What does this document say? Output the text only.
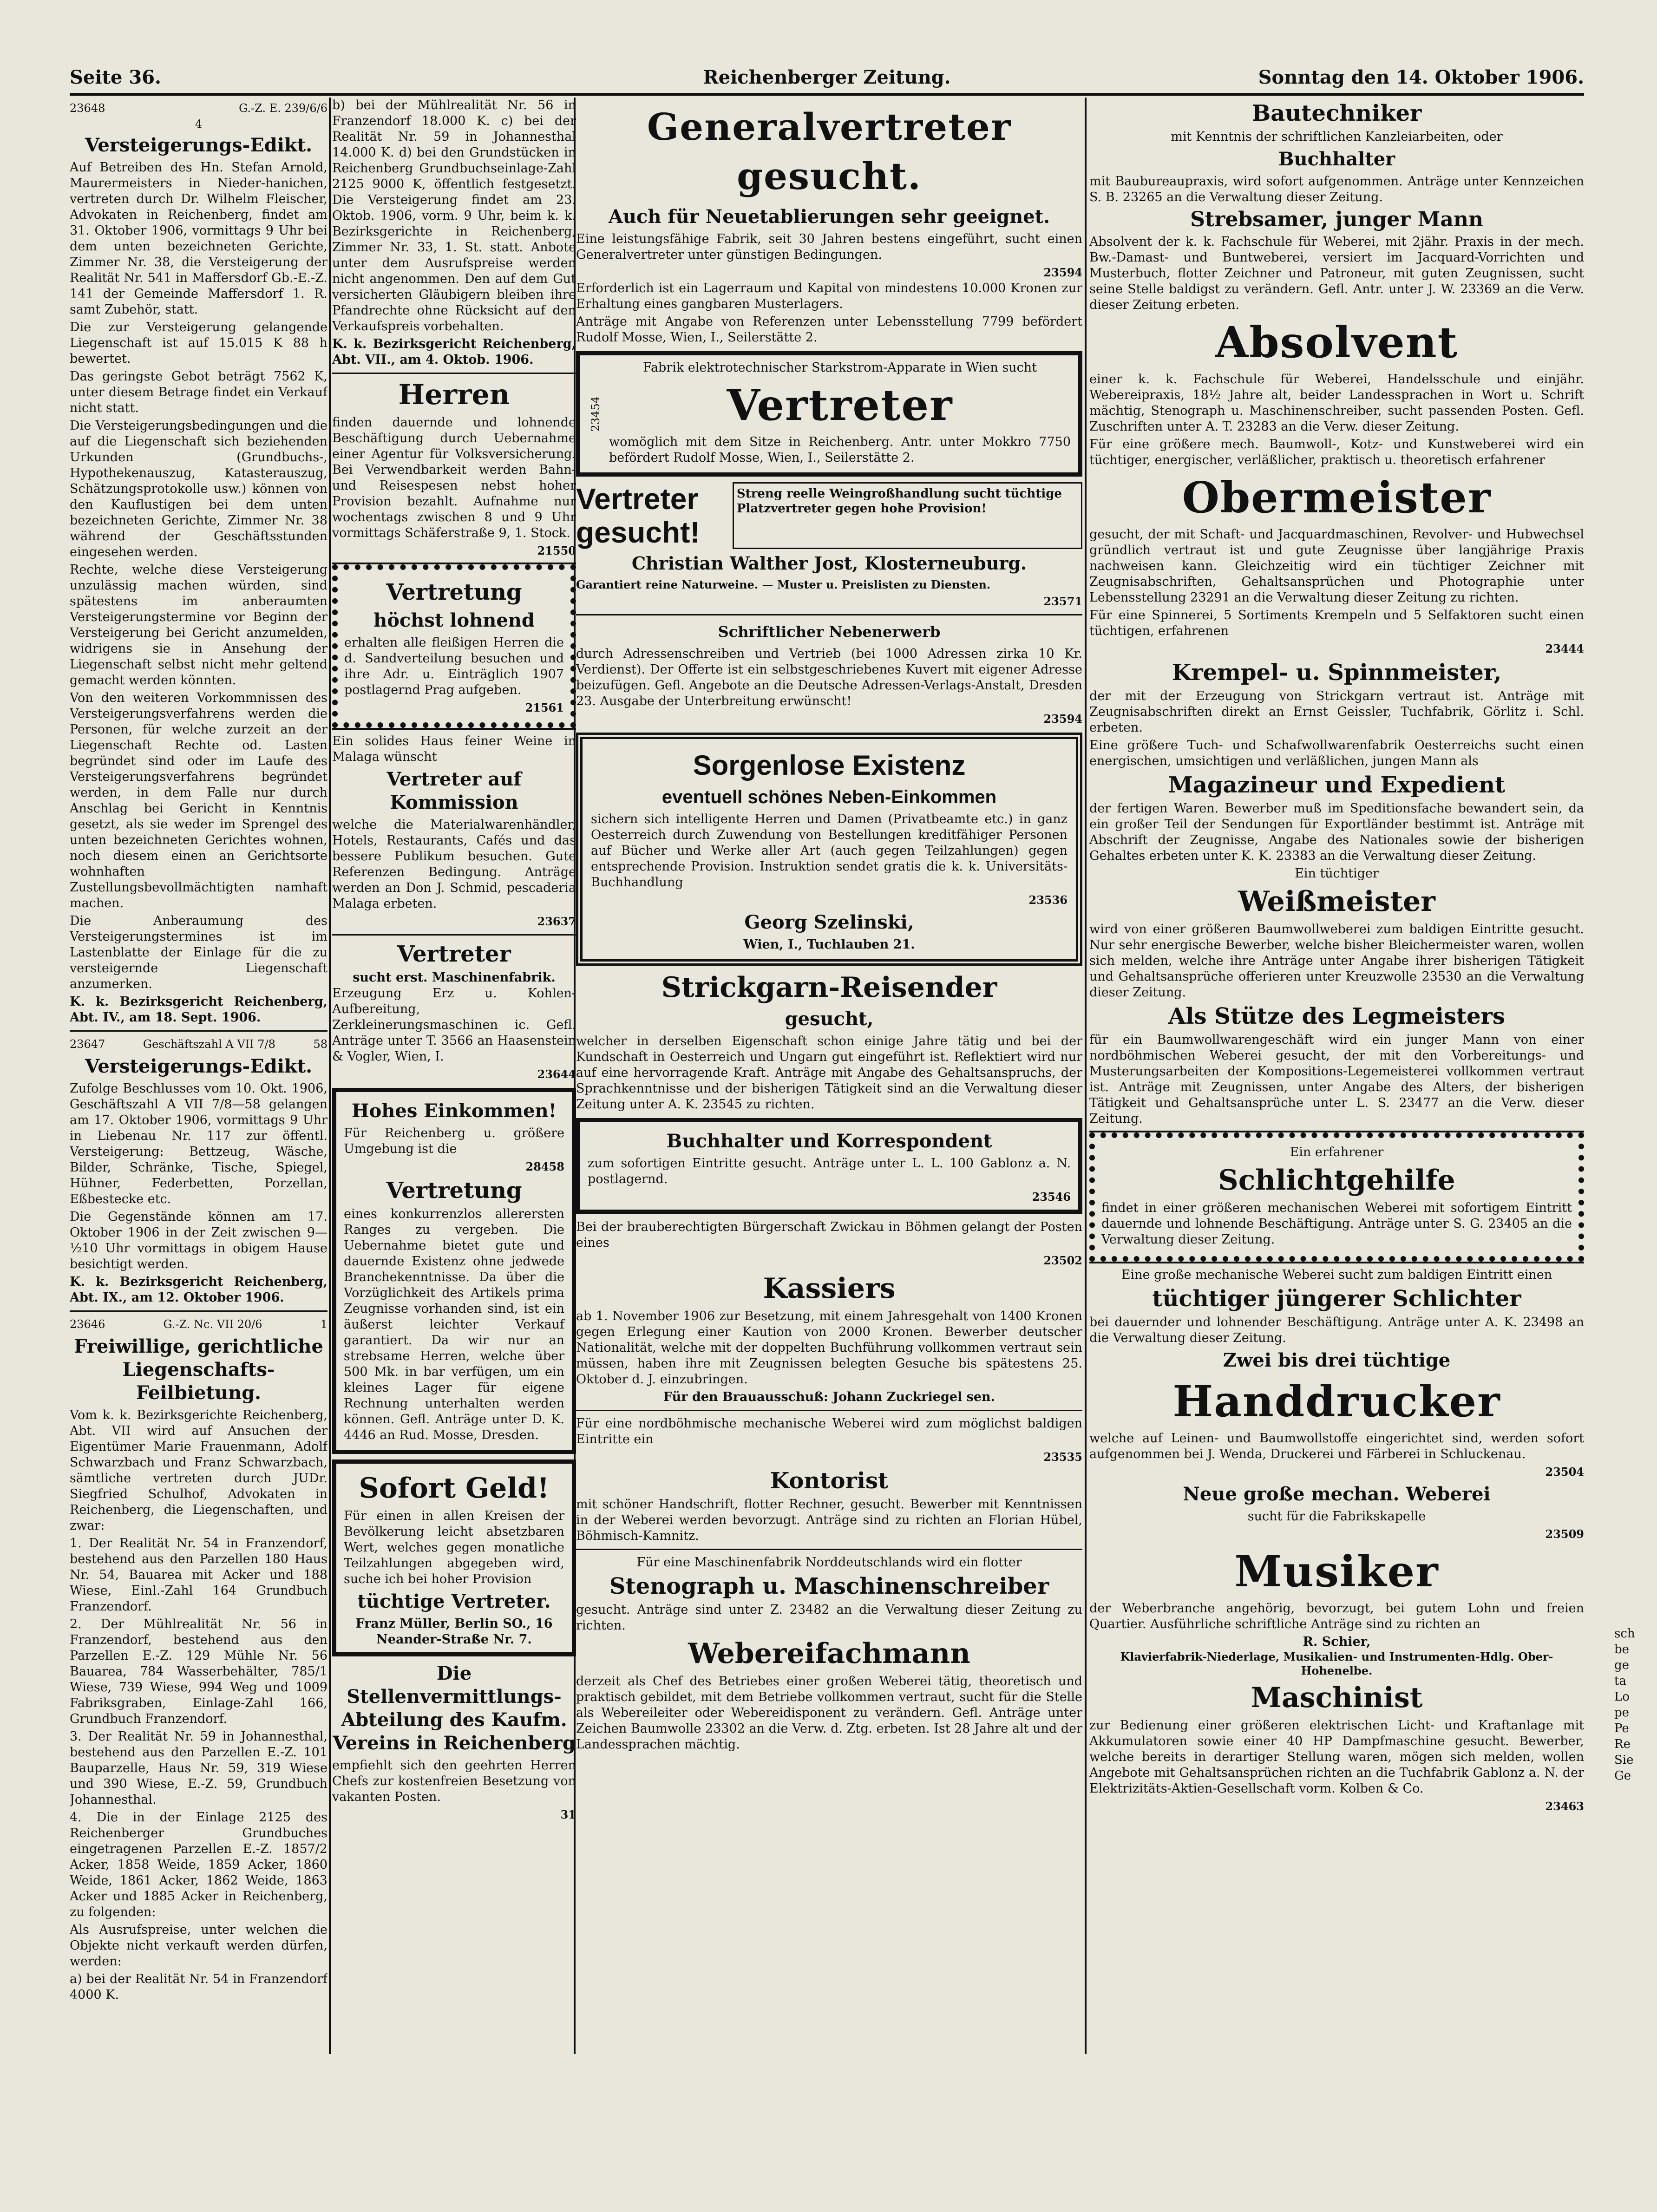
Seite 36.	Reichenberger Zeitung.	Sonntag den 14. Oktober 1906.
23648	G.-Z. E. 239/6/6
4
Versteigerungs-Edikt.

Auf Betreiben des Hn. Stefan Arnold, Maurermeisters in Nieder-hanichen, vertreten durch Dr. Wilhelm Fleischer, Advokaten in Reichenberg, findet am 31. Oktober 1906, vormittags 9 Uhr bei dem unten bezeichneten Gerichte, Zimmer Nr. 38, die Versteigerung der Realität Nr. 541 in Maffersdorf Gb.-E.-Z. 141 der Gemeinde Maffersdorf 1. R. samt Zubehör, statt.

Die zur Versteigerung gelangende Liegenschaft ist auf 15.015 K 88 h bewertet.

Das geringste Gebot beträgt 7562 K, unter diesem Betrage findet ein Verkauf nicht statt.

Die Versteigerungsbedingungen und die auf die Liegenschaft sich beziehenden Urkunden (Grundbuchs-, Hypothekenauszug, Katasterauszug, Schätzungsprotokolle usw.) können von den Kauflustigen bei dem unten bezeichneten Gerichte, Zimmer Nr. 38 während der Geschäftsstunden eingesehen werden.

Rechte, welche diese Versteigerung unzulässig machen würden, sind spätestens im anberaumten Versteigerungstermine vor Beginn der Versteigerung bei Gericht anzumelden, widrigens sie in Ansehung der Liegenschaft selbst nicht mehr geltend gemacht werden könnten.

Von den weiteren Vorkommnissen des Versteigerungsverfahrens werden die Personen, für welche zurzeit an der Liegenschaft Rechte od. Lasten begründet sind oder im Laufe des Versteigerungsverfahrens begründet werden, in dem Falle nur durch Anschlag bei Gericht in Kenntnis gesetzt, als sie weder im Sprengel des unten bezeichneten Gerichtes wohnen, noch diesem einen an Gerichtsorte wohnhaften Zustellungsbevollmächtigten namhaft machen.

Die Anberaumung des Versteigerungstermines ist im Lastenblatte der Einlage für die zu versteigernde Liegenschaft anzumerken.

K. k. Bezirksgericht Reichenberg, Abt. IV., am 18. Sept. 1906.

23647	Geschäftszahl A VII 7/8	58
Versteigerungs-Edikt.

Zufolge Beschlusses vom 10. Okt. 1906, Geschäftszahl A VII 7/8—58 gelangen am 17. Oktober 1906, vormittags 9 Uhr in Liebenau Nr. 117 zur öffentl. Versteigerung: Bettzeug, Wäsche, Bilder, Schränke, Tische, Spiegel, Hühner, Federbetten, Porzellan, Eßbestecke etc.

Die Gegenstände können am 17. Oktober 1906 in der Zeit zwischen 9—½10 Uhr vormittags in obigem Hause besichtigt werden.

K. k. Bezirksgericht Reichenberg, Abt. IX., am 12. Oktober 1906.

23646	G.-Z. Nc. VII 20/6	1
Freiwillige, gerichtliche Liegenschafts-Feilbietung.

Vom k. k. Bezirksgerichte Reichenberg, Abt. VII wird auf Ansuchen der Eigentümer Marie Frauenmann, Adolf Schwarzbach und Franz Schwarzbach, sämtliche vertreten durch JUDr. Siegfried Schulhof, Advokaten in Reichenberg, die Liegenschaften, und zwar:

1. Der Realität Nr. 54 in Franzendorf, bestehend aus den Parzellen 180 Haus Nr. 54, Bauarea mit Acker und 188 Wiese, Einl.-Zahl 164 Grundbuch Franzendorf.

2. Der Mühlrealität Nr. 56 in Franzendorf, bestehend aus den Parzellen E.-Z. 129 Mühle Nr. 56 Bauarea, 784 Wasserbehälter, 785/1 Wiese, 739 Wiese, 994 Weg und 1009 Fabriksgraben, Einlage-Zahl 166, Grundbuch Franzendorf.

3. Der Realität Nr. 59 in Johannesthal, bestehend aus den Parzellen E.-Z. 101 Bauparzelle, Haus Nr. 59, 319 Wiese und 390 Wiese, E.-Z. 59, Grundbuch Johannesthal.

4. Die in der Einlage 2125 des Reichenberger Grundbuches eingetragenen Parzellen E.-Z. 1857/2 Acker, 1858 Weide, 1859 Acker, 1860 Weide, 1861 Acker, 1862 Weide, 1863 Acker und 1885 Acker in Reichenberg, zu folgenden:

Als Ausrufspreise, unter welchen die Objekte nicht verkauft werden dürfen, werden:

a) bei der Realität Nr. 54 in Franzendorf 4000 K.

b) bei der Mühlrealität Nr. 56 in Franzendorf 18.000 K. c) bei der Realität Nr. 59 in Johannesthal 14.000 K. d) bei den Grundstücken in Reichenberg Grundbuchseinlage-Zahl 2125 9000 K, öffentlich festgesetzt. Die Versteigerung findet am 23. Oktob. 1906, vorm. 9 Uhr, beim k. k. Bezirksgerichte in Reichenberg, Zimmer Nr. 33, 1. St. statt. Anbote unter dem Ausrufspreise werden nicht angenommen. Den auf dem Gut versicherten Gläubigern bleiben ihre Pfandrechte ohne Rücksicht auf den Verkaufspreis vorbehalten.

K. k. Bezirksgericht Reichenberg, Abt. VII., am 4. Oktob. 1906.

Herren

finden dauernde und lohnende Beschäftigung durch Uebernahme einer Agentur für Volksversicherung. Bei Verwendbarkeit werden Bahn- und Reisespesen nebst hoher Provision bezahlt. Aufnahme nur wochentags zwischen 8 und 9 Uhr vormittags Schäferstraße 9, 1. Stock.

21550
Vertretung
höchst lohnend

erhalten alle fleißigen Herren die d. Sandverteilung besuchen und ihre Adr. u. Einträglich 1907 postlagernd Prag aufgeben.

21561

Ein solides Haus feiner Weine in Malaga wünscht

Vertreter auf Kommission

welche die Materialwarenhändler, Hotels, Restaurants, Cafés und das bessere Publikum besuchen. Gute Referenzen Bedingung. Anträge werden an Don J. Schmid, pescaderia Malaga erbeten.

23637
Vertreter
sucht erst. Maschinenfabrik.

Erzeugung Erz u. Kohlen-Aufbereitung, Zerkleinerungsmaschinen ic. Gefl. Anträge unter T. 3566 an Haasenstein & Vogler, Wien, I.

23644
Hohes Einkommen!

Für Reichenberg u. größere Umgebung ist die

28458
Vertretung

eines konkurrenzlos allerersten Ranges zu vergeben. Die Uebernahme bietet gute und dauernde Existenz ohne jedwede Branchekenntnisse. Da über die Vorzüglichkeit des Artikels prima Zeugnisse vorhanden sind, ist ein äußerst leichter Verkauf garantiert. Da wir nur an strebsame Herren, welche über 500 Mk. in bar verfügen, um ein kleines Lager für eigene Rechnung unterhalten werden können. Gefl. Anträge unter D. K. 4446 an Rud. Mosse, Dresden.

Sofort Geld!

Für einen in allen Kreisen der Bevölkerung leicht absetzbaren Wert, welches gegen monatliche Teilzahlungen abgegeben wird, suche ich bei hoher Provision

tüchtige Vertreter.
Franz Müller, Berlin SO., 16 Neander-Straße Nr. 7.
Die Stellenvermittlungs-Abteilung des Kaufm. Vereins in Reichenberg

empfiehlt sich den geehrten Herren Chefs zur kostenfreien Besetzung von vakanten Posten.

31
Generalvertreter gesucht.
Auch für Neuetablierungen sehr geeignet.

Eine leistungsfähige Fabrik, seit 30 Jahren bestens eingeführt, sucht einen Generalvertreter unter günstigen Bedingungen.

23594

Erforderlich ist ein Lagerraum und Kapital von mindestens 10.000 Kronen zur Erhaltung eines gangbaren Musterlagers.

Anträge mit Angabe von Referenzen unter Lebensstellung 7799 befördert Rudolf Mosse, Wien, I., Seilerstätte 2.

23454

Fabrik elektrotechnischer Starkstrom-Apparate in Wien sucht

Vertreter

womöglich mit dem Sitze in Reichenberg. Antr. unter Mokkro 7750 befördert Rudolf Mosse, Wien, I., Seilerstätte 2.

Vertreter gesucht!
Streng reelle Weingroßhandlung sucht tüchtige Platzvertreter gegen hohe Provision!
Christian Walther Jost, Klosterneuburg.

Garantiert reine Naturweine. — Muster u. Preislisten zu Diensten.

23571
Schriftlicher Nebenerwerb

durch Adressenschreiben und Vertrieb (bei 1000 Adressen zirka 10 Kr. Verdienst). Der Offerte ist ein selbstgeschriebenes Kuvert mit eigener Adresse beizufügen. Gefl. Angebote an die Deutsche Adressen-Verlags-Anstalt, Dresden 23. Ausgabe der Unterbreitung erwünscht!

23594
Sorgenlose Existenz
eventuell schönes Neben-Einkommen

sichern sich intelligente Herren und Damen (Privatbeamte etc.) in ganz Oesterreich durch Zuwendung von Bestellungen kreditfähiger Personen auf Bücher und Werke aller Art (auch gegen Teilzahlungen) gegen entsprechende Provision. Instruktion sendet gratis die k. k. Universitäts-Buchhandlung

23536
Georg Szelinski,
Wien, I., Tuchlauben 21.
Strickgarn-Reisender
gesucht,

welcher in derselben Eigenschaft schon einige Jahre tätig und bei der Kundschaft in Oesterreich und Ungarn gut eingeführt ist. Reflektiert wird nur auf eine hervorragende Kraft. Anträge mit Angabe des Gehaltsanspruchs, der Sprachkenntnisse und der bisherigen Tätigkeit sind an die Verwaltung dieser Zeitung unter A. K. 23545 zu richten.

Buchhalter und Korrespondent

zum sofortigen Eintritte gesucht. Anträge unter L. L. 100 Gablonz a. N. postlagernd.

23546

Bei der brauberechtigten Bürgerschaft Zwickau in Böhmen gelangt der Posten eines

23502
Kassiers

ab 1. November 1906 zur Besetzung, mit einem Jahresgehalt von 1400 Kronen gegen Erlegung einer Kaution von 2000 Kronen. Bewerber deutscher Nationalität, welche mit der doppelten Buchführung vollkommen vertraut sein müssen, haben ihre mit Zeugnissen belegten Gesuche bis spätestens 25. Oktober d. J. einzubringen.

Für den Brauausschuß: Johann Zuckriegel sen.

Für eine nordböhmische mechanische Weberei wird zum möglichst baldigen Eintritte ein

23535
Kontorist

mit schöner Handschrift, flotter Rechner, gesucht. Bewerber mit Kenntnissen in der Weberei werden bevorzugt. Anträge sind zu richten an Florian Hübel, Böhmisch-Kamnitz.

Für eine Maschinenfabrik Norddeutschlands wird ein flotter

Stenograph u. Maschinenschreiber

gesucht. Anträge sind unter Z. 23482 an die Verwaltung dieser Zeitung zu richten.

Webereifachmann

derzeit als Chef des Betriebes einer großen Weberei tätig, theoretisch und praktisch gebildet, mit dem Betriebe vollkommen vertraut, sucht für die Stelle als Webereileiter oder Webereidisponent zu verändern. Gefl. Anträge unter Zeichen Baumwolle 23302 an die Verw. d. Ztg. erbeten. Ist 28 Jahre alt und der Landessprachen mächtig.

Bautechniker

mit Kenntnis der schriftlichen Kanzleiarbeiten, oder

Buchhalter

mit Baubureaupraxis, wird sofort aufgenommen. Anträge unter Kennzeichen S. B. 23265 an die Verwaltung dieser Zeitung.

Strebsamer, junger Mann

Absolvent der k. k. Fachschule für Weberei, mit 2jähr. Praxis in der mech. Bw.-Damast- und Buntweberei, versiert im Jacquard-Vorrichten und Musterbuch, flotter Zeichner und Patroneur, mit guten Zeugnissen, sucht seine Stelle baldigst zu verändern. Gefl. Antr. unter J. W. 23369 an die Verw. dieser Zeitung erbeten.

Absolvent

einer k. k. Fachschule für Weberei, Handelsschule und einjähr. Webereipraxis, 18½ Jahre alt, beider Landessprachen in Wort u. Schrift mächtig, Stenograph u. Maschinenschreiber, sucht passenden Posten. Gefl. Zuschriften unter A. T. 23283 an die Verw. dieser Zeitung.

Für eine größere mech. Baumwoll-, Kotz- und Kunstweberei wird ein tüchtiger, energischer, verläßlicher, praktisch u. theoretisch erfahrener

Obermeister

gesucht, der mit Schaft- und Jacquardmaschinen, Revolver- und Hubwechsel gründlich vertraut ist und gute Zeugnisse über langjährige Praxis nachweisen kann. Gleichzeitig wird ein tüchtiger Zeichner mit Zeugnisabschriften, Gehaltsansprüchen und Photographie unter Lebensstellung 23291 an die Verwaltung dieser Zeitung zu richten.

Für eine Spinnerei, 5 Sortiments Krempeln und 5 Selfaktoren sucht einen tüchtigen, erfahrenen

23444
Krempel- u. Spinnmeister,

der mit der Erzeugung von Strickgarn vertraut ist. Anträge mit Zeugnisabschriften direkt an Ernst Geissler, Tuchfabrik, Görlitz i. Schl. erbeten.

Eine größere Tuch- und Schafwollwarenfabrik Oesterreichs sucht einen energischen, umsichtigen und verläßlichen, jungen Mann als

Magazineur und Expedient

der fertigen Waren. Bewerber muß im Speditionsfache bewandert sein, da ein großer Teil der Sendungen für Exportländer bestimmt ist. Anträge mit Abschrift der Zeugnisse, Angabe des Nationales sowie der bisherigen Gehaltes erbeten unter K. K. 23383 an die Verwaltung dieser Zeitung.

Ein tüchtiger

Weißmeister

wird von einer größeren Baumwollweberei zum baldigen Eintritte gesucht. Nur sehr energische Bewerber, welche bisher Bleichermeister waren, wollen sich melden, welche ihre Anträge unter Angabe ihrer bisherigen Tätigkeit und Gehaltsansprüche offerieren unter Kreuzwolle 23530 an die Verwaltung dieser Zeitung.

Als Stütze des Legmeisters

für ein Baumwollwarengeschäft wird ein junger Mann von einer nordböhmischen Weberei gesucht, der mit den Vorbereitungs- und Musterungsarbeiten der Kompositions-Legemeisterei vollkommen vertraut ist. Anträge mit Zeugnissen, unter Angabe des Alters, der bisherigen Tätigkeit und Gehaltsansprüche unter L. S. 23477 an die Verw. dieser Zeitung.

Ein erfahrener

Schlichtgehilfe

findet in einer größeren mechanischen Weberei mit sofortigem Eintritt dauernde und lohnende Beschäftigung. Anträge unter S. G. 23405 an die Verwaltung dieser Zeitung.

Eine große mechanische Weberei sucht zum baldigen Eintritt einen

tüchtiger jüngerer Schlichter

bei dauernder und lohnender Beschäftigung. Anträge unter A. K. 23498 an die Verwaltung dieser Zeitung.

Zwei bis drei tüchtige
Handdrucker

welche auf Leinen- und Baumwollstoffe eingerichtet sind, werden sofort aufgenommen bei J. Wenda, Druckerei und Färberei in Schluckenau.

23504
Neue große mechan. Weberei

sucht für die Fabrikskapelle

23509
Musiker

der Weberbranche angehörig, bevorzugt, bei gutem Lohn und freien Quartier. Ausführliche schriftliche Anträge sind zu richten an

R. Schier,
Klavierfabrik-Niederlage, Musikalien- und Instrumenten-Hdlg. Ober-Hohenelbe.
Maschinist

zur Bedienung einer größeren elektrischen Licht- und Kraftanlage mit Akkumulatoren sowie einer 40 HP Dampfmaschine gesucht. Bewerber, welche bereits in derartiger Stellung waren, mögen sich melden, wollen Angebote mit Gehaltsansprüchen richten an die Tuchfabrik Gablonz a. N. der Elektrizitäts-Aktien-Gesellschaft vorm. Kolben & Co.

23463
sch
be
ge
ta
Lo
pe
Pe
Re
Sie
Ge
